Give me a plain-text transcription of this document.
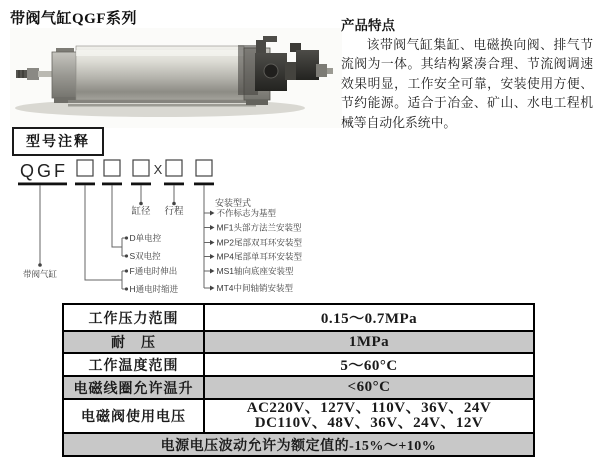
带阀气缸QGF系列	产品特点

该带阀气缸集缸、电磁换向阀、排气节流阀为一体。其结构紧凑合理、节流阀调速效果明显，工作安全可靠，安装使用方便、节约能源。适合于冶金、矿山、水电工程机械等自动化系统中。

型号注释
QGF	X
带阀气缸
缸径 行程
D单电控
S双电控
F通电时伸出
H通电时缩进
安装型式
不作标志为基型
MF1头部方法兰安装型
MP2尾部双耳环安装型
MP4尾部单耳环安装型
MS1轴向底座安装型
MT4中间轴销安装型
工作压力范围	0.15～0.7MPa
耐　压	1MPa
工作温度范围	5～60°C
电磁线圈允许温升	<60°C
电磁阀使用电压
AC220V、127V、110V、36V、24V
DC110V、48V、36V、24V、12V
电源电压波动允许为额定值的-15%～+10%
